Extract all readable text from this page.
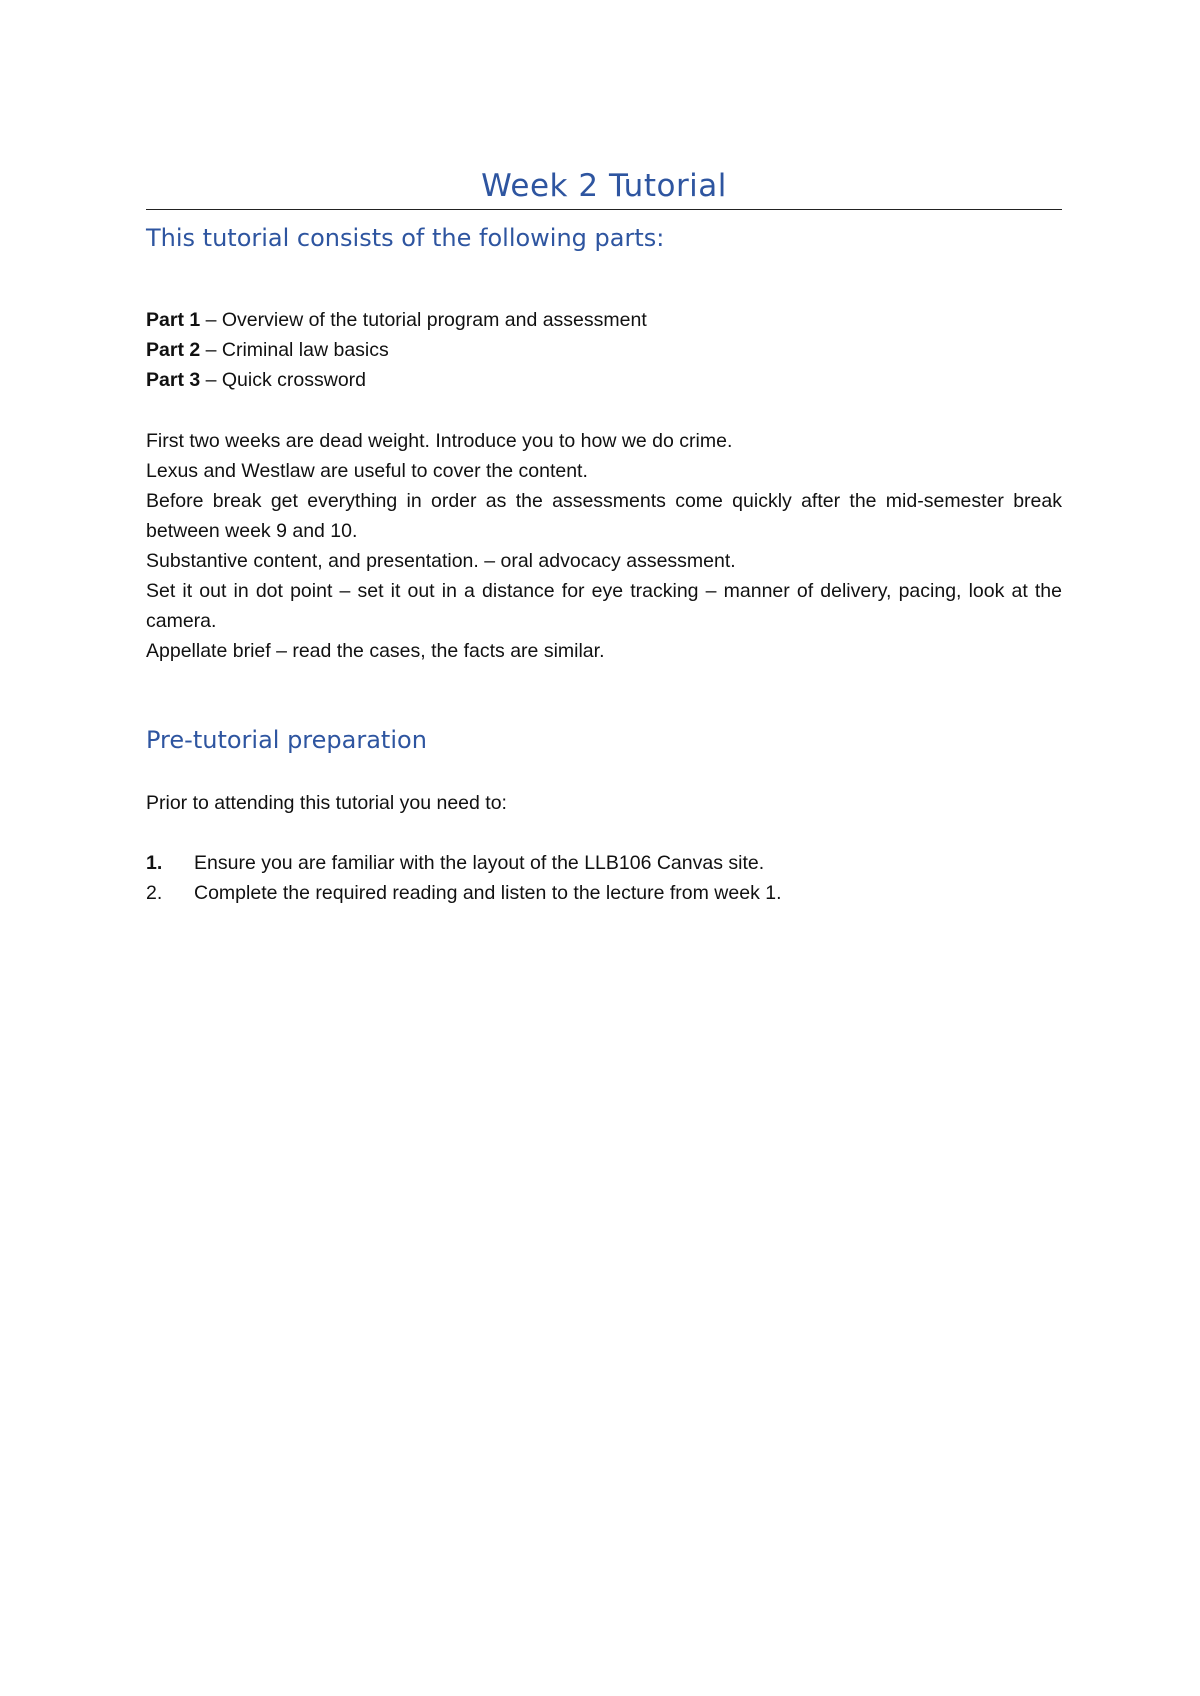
Week 2 Tutorial
This tutorial consists of the following parts:
Part 1 – Overview of the tutorial program and assessment
Part 2 – Criminal law basics
Part 3 – Quick crossword

First two weeks are dead weight. Introduce you to how we do crime.

Lexus and Westlaw are useful to cover the content.

Before break get everything in order as the assessments come quickly after the mid-semester break between week 9 and 10.

Substantive content, and presentation. – oral advocacy assessment.

Set it out in dot point – set it out in a distance for eye tracking – manner of delivery, pacing, look at the camera.

Appellate brief – read the cases, the facts are similar.

Pre-tutorial preparation
Prior to attending this tutorial you need to:
1. Ensure you are familiar with the layout of the LLB106 Canvas site.
2. Complete the required reading and listen to the lecture from week 1.
